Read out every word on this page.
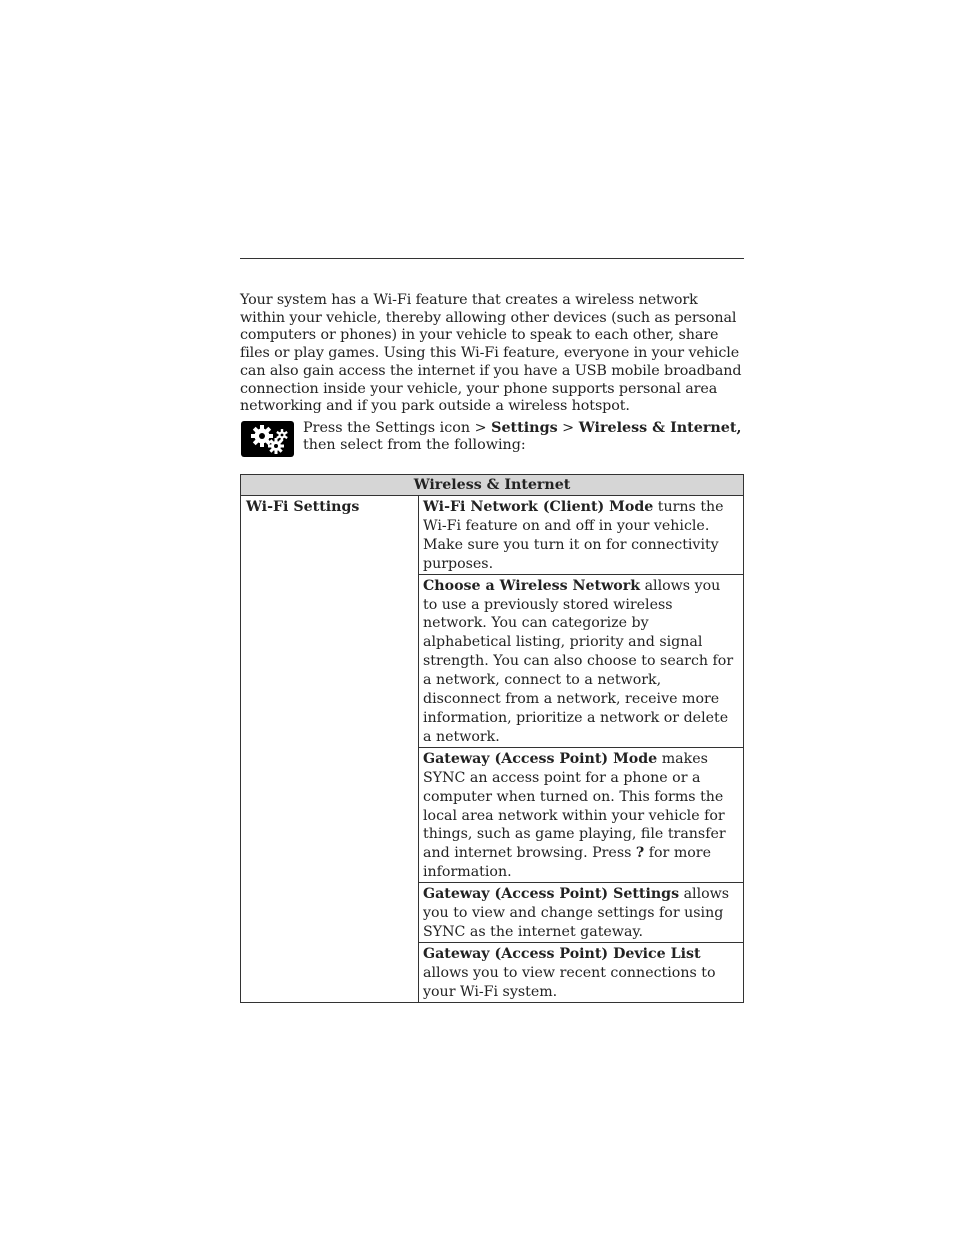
Your system has a Wi-Fi feature that creates a wireless network within your vehicle, thereby allowing other devices (such as personal computers or phones) in your vehicle to speak to each other, share files or play games. Using this Wi-Fi feature, everyone in your vehicle can also gain access the internet if you have a USB mobile broadband connection inside your vehicle, your phone supports personal area networking and if you park outside a wireless hotspot.
Press the Settings icon > Settings > Wireless & Internet, then select from the following:
Wireless & Internet
Wi-Fi Settings	Wi-Fi Network (Client) Mode turns the Wi-Fi feature on and off in your vehicle. Make sure you turn it on for connectivity purposes.
Choose a Wireless Network allows you to use a previously stored wireless network. You can categorize by alphabetical listing, priority and signal strength. You can also choose to search for a network, connect to a network, disconnect from a network, receive more information, prioritize a network or delete a network.
Gateway (Access Point) Mode makes SYNC an access point for a phone or a computer when turned on. This forms the local area network within your vehicle for things, such as game playing, file transfer and internet browsing. Press ? for more information.
Gateway (Access Point) Settings allows you to view and change settings for using SYNC as the internet gateway.
Gateway (Access Point) Device List allows you to view recent connections to your Wi-Fi system.
